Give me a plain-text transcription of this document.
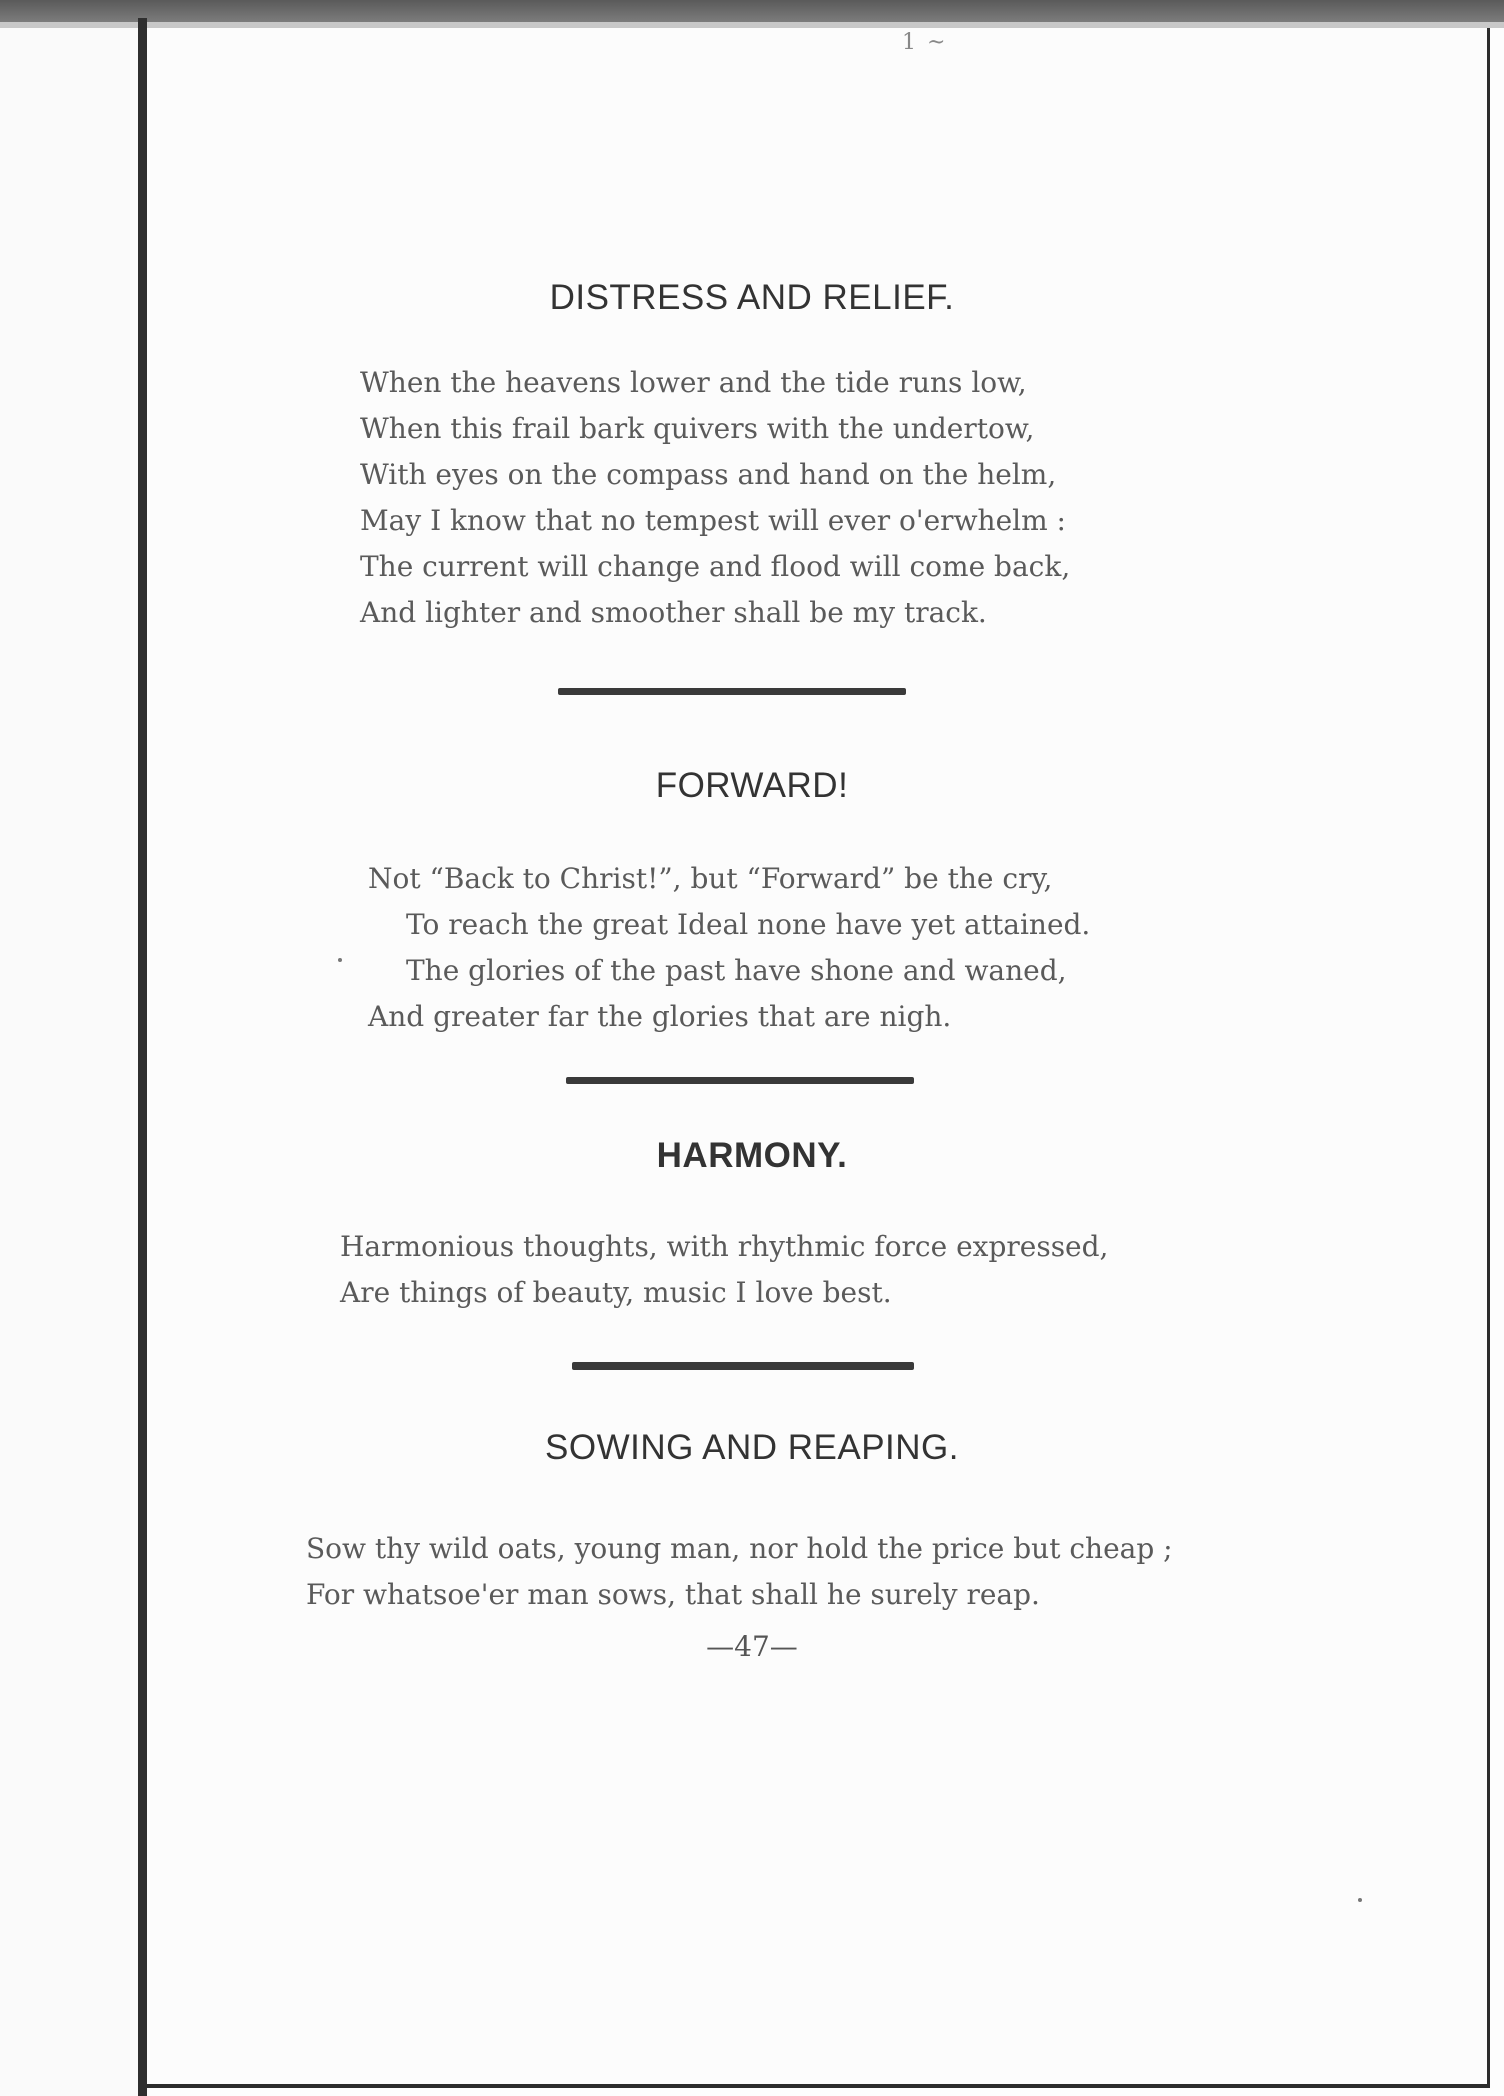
1 ~
DISTRESS AND RELIEF.
When the heavens lower and the tide runs low,
When this frail bark quivers with the undertow,
With eyes on the compass and hand on the helm,
May I know that no tempest will ever o'erwhelm :
The current will change and flood will come back,
And lighter and smoother shall be my track.
FORWARD!
Not “Back to Christ!”, but “Forward” be the cry,
To reach the great Ideal none have yet attained.
The glories of the past have shone and waned,
And greater far the glories that are nigh.
HARMONY.
Harmonious thoughts, with rhythmic force expressed,
Are things of beauty, music I love best.
SOWING AND REAPING.
Sow thy wild oats, young man, nor hold the price but cheap ;
For whatsoe'er man sows, that shall he surely reap.
—47—
